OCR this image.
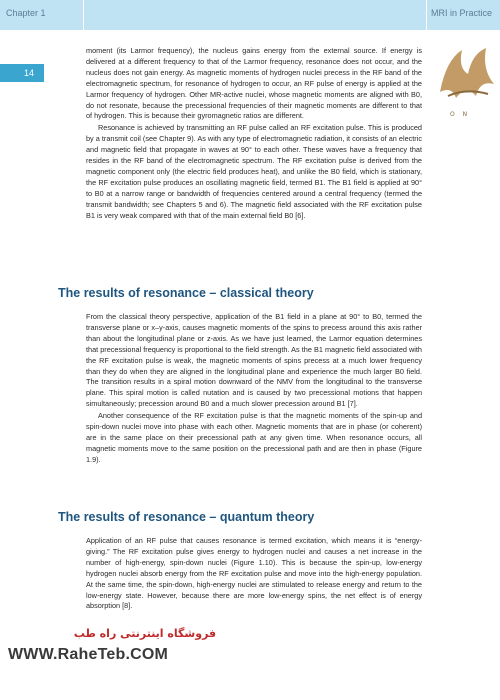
Chapter 1	MRI in Practice
14
O N

moment (its Larmor frequency), the nucleus gains energy from the external source. If energy is delivered at a different frequency to that of the Larmor frequency, resonance does not occur, and the nucleus does not gain energy. As magnetic moments of hydrogen nuclei precess in the RF band of the electromagnetic spectrum, for resonance of hydrogen to occur, an RF pulse of energy is applied at the Larmor frequency of hydrogen. Other MR-active nuclei, whose magnetic moments are aligned with B0, do not resonate, because the precessional frequencies of their magnetic moments are different to that of hydrogen. This is because their gyromagnetic ratios are different.

Resonance is achieved by transmitting an RF pulse called an RF excitation pulse. This is produced by a transmit coil (see Chapter 9). As with any type of electromagnetic radiation, it consists of an electric and magnetic field that propagate in waves at 90° to each other. These waves have a frequency that resides in the RF band of the electromagnetic spectrum. The RF excitation pulse is derived from the magnetic component only (the electric field produces heat), and unlike the B0 field, which is stationary, the RF excitation pulse produces an oscillating magnetic field, termed B1. The B1 field is applied at 90° to B0 at a narrow range or bandwidth of frequencies centered around a central frequency (termed the transmit bandwidth; see Chapters 5 and 6). The magnetic field associated with the RF excitation pulse B1 is very weak compared with that of the main external field B0 [6].

The results of resonance – classical theory

From the classical theory perspective, application of the B1 field in a plane at 90° to B0, termed the transverse plane or x–y-axis, causes magnetic moments of the spins to precess around this axis rather than about the longitudinal plane or z-axis. As we have just learned, the Larmor equation determines that precessional frequency is proportional to the field strength. As the B1 magnetic field associated with the RF excitation pulse is weak, the magnetic moments of spins precess at a much lower frequency than they do when they are aligned in the longitudinal plane and experience the much larger B0 field. The transition results in a spiral motion downward of the NMV from the longitudinal to the transverse plane. This spiral motion is called nutation and is caused by two precessional motions that happen simultaneously; precession around B0 and a much slower precession around B1 [7].

Another consequence of the RF excitation pulse is that the magnetic moments of the spin-up and spin-down nuclei move into phase with each other. Magnetic moments that are in phase (or coherent) are in the same place on their precessional path at any given time. When resonance occurs, all magnetic moments move to the same position on the precessional path and are then in phase (Figure 1.9).

The results of resonance – quantum theory

Application of an RF pulse that causes resonance is termed excitation, which means it is “energy-giving.” The RF excitation pulse gives energy to hydrogen nuclei and causes a net increase in the number of high-energy, spin-down nuclei (Figure 1.10). This is because the spin-up, low-energy hydrogen nuclei absorb energy from the RF excitation pulse and move into the high-energy population. At the same time, the spin-down, high-energy nuclei are stimulated to release energy and return to the low-energy state. However, because there are more low-energy spins, the net effect is of energy absorption [8].

فروشگاه اینترنتی راه طب
WWW.RaheTeb.COM
